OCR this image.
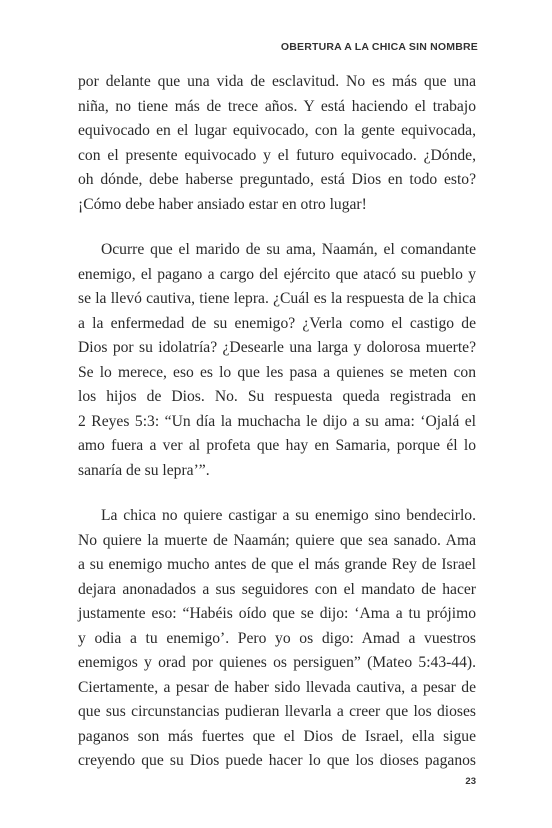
OBERTURA A LA CHICA SIN NOMBRE
por delante que una vida de esclavitud. No es más que una
niña, no tiene más de trece años. Y está haciendo el trabajo
equivocado en el lugar equivocado, con la gente equivocada,
con el presente equivocado y el futuro equivocado. ¿Dónde,
oh dónde, debe haberse preguntado, está Dios en todo esto?
¡Cómo debe haber ansiado estar en otro lugar!
Ocurre que el marido de su ama, Naamán, el comandante
enemigo, el pagano a cargo del ejército que atacó su pueblo y
se la llevó cautiva, tiene lepra. ¿Cuál es la respuesta de la chica
a la enfermedad de su enemigo? ¿Verla como el castigo de
Dios por su idolatría? ¿Desearle una larga y dolorosa muerte?
Se lo merece, eso es lo que les pasa a quienes se meten con
los hijos de Dios. No. Su respuesta queda registrada en
2 Reyes 5:3: “Un día la muchacha le dijo a su ama: ‘Ojalá el
amo fuera a ver al profeta que hay en Samaria, porque él lo
sanaría de su lepra’”.
La chica no quiere castigar a su enemigo sino bendecirlo.
No quiere la muerte de Naamán; quiere que sea sanado. Ama
a su enemigo mucho antes de que el más grande Rey de Israel
dejara anonadados a sus seguidores con el mandato de hacer
justamente eso: “Habéis oído que se dijo: ‘Ama a tu prójimo
y odia a tu enemigo’. Pero yo os digo: Amad a vuestros
enemigos y orad por quienes os persiguen” (Mateo 5:43-44).
Ciertamente, a pesar de haber sido llevada cautiva, a pesar de
que sus circunstancias pudieran llevarla a creer que los dioses
paganos son más fuertes que el Dios de Israel, ella sigue
creyendo que su Dios puede hacer lo que los dioses paganos
23
